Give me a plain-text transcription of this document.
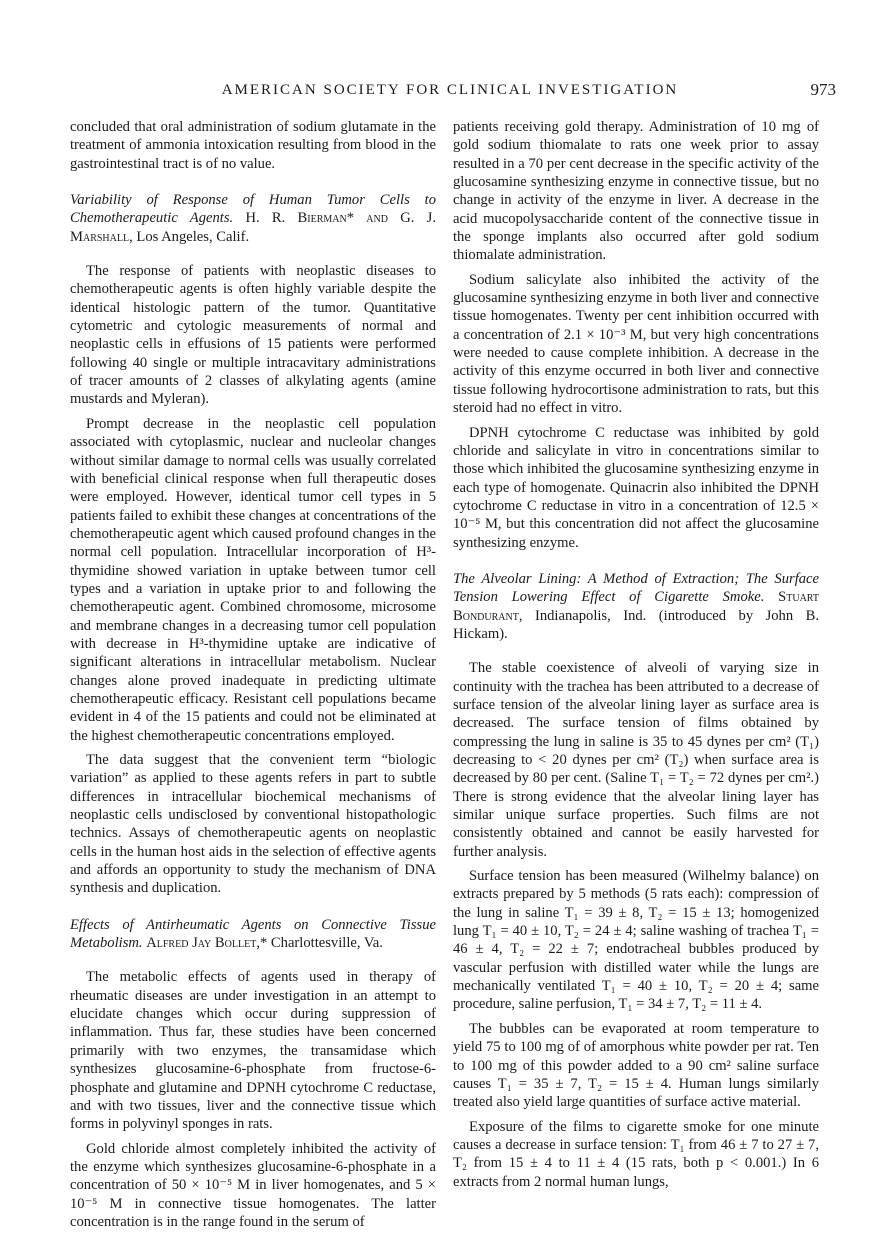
AMERICAN SOCIETY FOR CLINICAL INVESTIGATION	973

concluded that oral administration of sodium glutamate in the treatment of ammonia intoxication resulting from blood in the gastrointestinal tract is of no value.

Variability of Response of Human Tumor Cells to Chemotherapeutic Agents. H. R. Bierman* and G. J. Marshall, Los Angeles, Calif.

The response of patients with neoplastic diseases to chemotherapeutic agents is often highly variable despite the identical histologic pattern of the tumor. Quantitative cytometric and cytologic measurements of normal and neoplastic cells in effusions of 15 patients were performed following 40 single or multiple intracavitary administrations of tracer amounts of 2 classes of alkylating agents (amine mustards and Myleran).

Prompt decrease in the neoplastic cell population associated with cytoplasmic, nuclear and nucleolar changes without similar damage to normal cells was usually correlated with beneficial clinical response when full therapeutic doses were employed. However, identical tumor cell types in 5 patients failed to exhibit these changes at concentrations of the chemotherapeutic agent which caused profound changes in the normal cell population. Intracellular incorporation of H³-thymidine showed variation in uptake between tumor cell types and a variation in uptake prior to and following the chemotherapeutic agent. Combined chromosome, microsome and membrane changes in a decreasing tumor cell population with decrease in H³-thymidine uptake are indicative of significant alterations in intracellular metabolism. Nuclear changes alone proved inadequate in predicting ultimate chemotherapeutic efficacy. Resistant cell populations became evident in 4 of the 15 patients and could not be eliminated at the highest chemotherapeutic concentrations employed.

The data suggest that the convenient term “biologic variation” as applied to these agents refers in part to subtle differences in intracellular biochemical mechanisms of neoplastic cells undisclosed by conventional histopathologic technics. Assays of chemotherapeutic agents on neoplastic cells in the human host aids in the selection of effective agents and affords an opportunity to study the mechanism of DNA synthesis and duplication.

Effects of Antirheumatic Agents on Connective Tissue Metabolism. Alfred Jay Bollet,* Charlottesville, Va.

The metabolic effects of agents used in therapy of rheumatic diseases are under investigation in an attempt to elucidate changes which occur during suppression of inflammation. Thus far, these studies have been concerned primarily with two enzymes, the transamidase which synthesizes glucosamine-6-phosphate from fructose-6-phosphate and glutamine and DPNH cytochrome C reductase, and with two tissues, liver and the connective tissue which forms in polyvinyl sponges in rats.

Gold chloride almost completely inhibited the activity of the enzyme which synthesizes glucosamine-6-phosphate in a concentration of 50 × 10⁻⁵ M in liver homogenates, and 5 × 10⁻⁵ M in connective tissue homogenates. The latter concentration is in the range found in the serum of

patients receiving gold therapy. Administration of 10 mg of gold sodium thiomalate to rats one week prior to assay resulted in a 70 per cent decrease in the specific activity of the glucosamine synthesizing enzyme in connective tissue, but no change in activity of the enzyme in liver. A decrease in the acid mucopolysaccharide content of the connective tissue in the sponge implants also occurred after gold sodium thiomalate administration.

Sodium salicylate also inhibited the activity of the glucosamine synthesizing enzyme in both liver and connective tissue homogenates. Twenty per cent inhibition occurred with a concentration of 2.1 × 10⁻³ M, but very high concentrations were needed to cause complete inhibition. A decrease in the activity of this enzyme occurred in both liver and connective tissue following hydrocortisone administration to rats, but this steroid had no effect in vitro.

DPNH cytochrome C reductase was inhibited by gold chloride and salicylate in vitro in concentrations similar to those which inhibited the glucosamine synthesizing enzyme in each type of homogenate. Quinacrin also inhibited the DPNH cytochrome C reductase in vitro in a concentration of 12.5 × 10⁻⁵ M, but this concentration did not affect the glucosamine synthesizing enzyme.

The Alveolar Lining: A Method of Extraction; The Surface Tension Lowering Effect of Cigarette Smoke. Stuart Bondurant, Indianapolis, Ind. (introduced by John B. Hickam).

The stable coexistence of alveoli of varying size in continuity with the trachea has been attributed to a decrease of surface tension of the alveolar lining layer as surface area is decreased. The surface tension of films obtained by compressing the lung in saline is 35 to 45 dynes per cm² (T₁) decreasing to < 20 dynes per cm² (T₂) when surface area is decreased by 80 per cent. (Saline T₁ = T₂ = 72 dynes per cm².) There is strong evidence that the alveolar lining layer has similar unique surface properties. Such films are not consistently obtained and cannot be easily harvested for further analysis.

Surface tension has been measured (Wilhelmy balance) on extracts prepared by 5 methods (5 rats each): compression of the lung in saline T₁ = 39 ± 8, T₂ = 15 ± 13; homogenized lung T₁ = 40 ± 10, T₂ = 24 ± 4; saline washing of trachea T₁ = 46 ± 4, T₂ = 22 ± 7; endotracheal bubbles produced by vascular perfusion with distilled water while the lungs are mechanically ventilated T₁ = 40 ± 10, T₂ = 20 ± 4; same procedure, saline perfusion, T₁ = 34 ± 7, T₂ = 11 ± 4.

The bubbles can be evaporated at room temperature to yield 75 to 100 mg of of amorphous white powder per rat. Ten to 100 mg of this powder added to a 90 cm² saline surface causes T₁ = 35 ± 7, T₂ = 15 ± 4. Human lungs similarly treated also yield large quantities of surface active material.

Exposure of the films to cigarette smoke for one minute causes a decrease in surface tension: T₁ from 46 ± 7 to 27 ± 7, T₂ from 15 ± 4 to 11 ± 4 (15 rats, both p < 0.001.) In 6 extracts from 2 normal human lungs,
